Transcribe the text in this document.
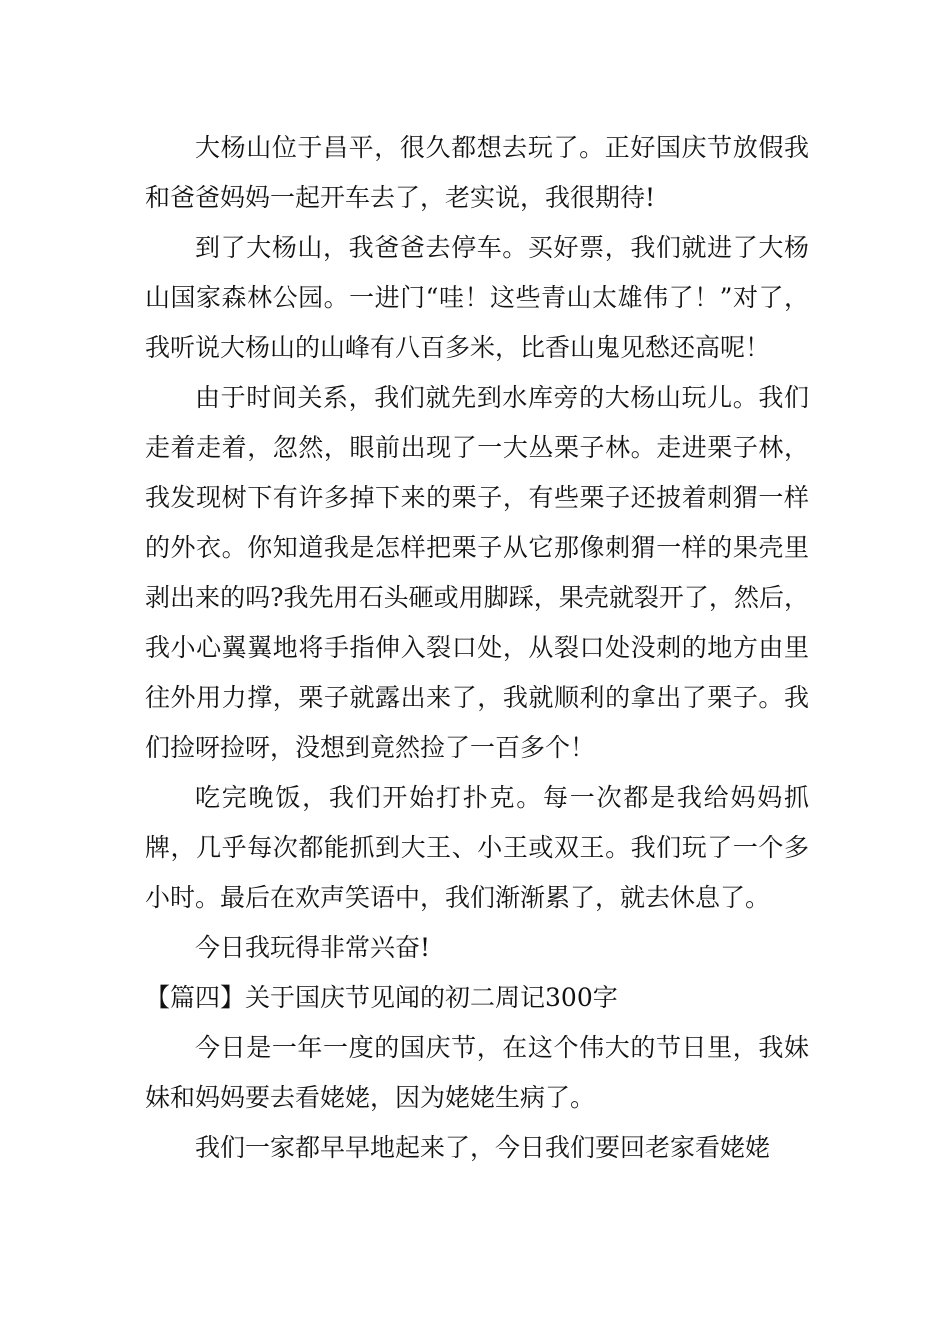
大杨山位于昌平，很久都想去玩了。正好国庆节放假我和爸爸妈妈一起开车去了，老实说，我很期待!

到了大杨山，我爸爸去停车。买好票，我们就进了大杨山国家森林公园。一进门“哇！这些青山太雄伟了！”对了，我听说大杨山的山峰有八百多米，比香山鬼见愁还高呢！

由于时间关系，我们就先到水库旁的大杨山玩儿。我们走着走着，忽然，眼前出现了一大丛栗子林。走进栗子林，我发现树下有许多掉下来的栗子，有些栗子还披着刺猬一样的外衣。你知道我是怎样把栗子从它那像刺猬一样的果壳里剥出来的吗?我先用石头砸或用脚踩，果壳就裂开了，然后，我小心翼翼地将手指伸入裂口处，从裂口处没刺的地方由里往外用力撑，栗子就露出来了，我就顺利的拿出了栗子。我们捡呀捡呀，没想到竟然捡了一百多个！

吃完晚饭，我们开始打扑克。每一次都是我给妈妈抓牌，几乎每次都能抓到大王、小王或双王。我们玩了一个多小时。最后在欢声笑语中，我们渐渐累了，就去休息了。

今日我玩得非常兴奋!

【篇四】关于国庆节见闻的初二周记300字

今日是一年一度的国庆节，在这个伟大的节日里，我妹妹和妈妈要去看姥姥，因为姥姥生病了。

我们一家都早早地起来了，今日我们要回老家看姥姥
